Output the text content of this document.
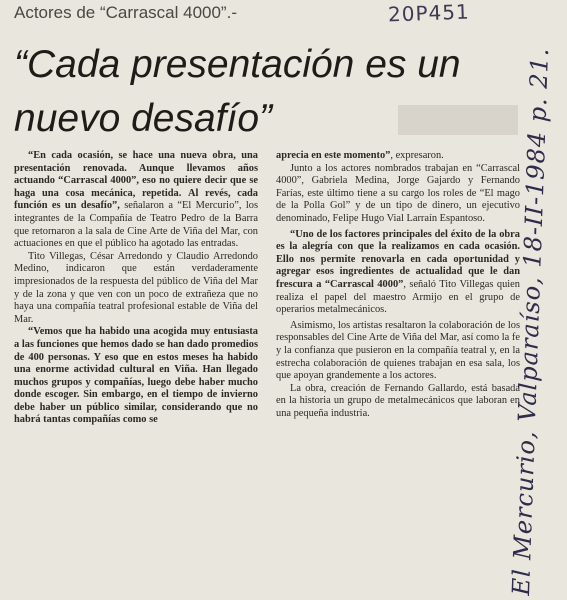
Actores de “Carrascal 4000”.-	20P451
“Cada presentación es un nuevo desafío”

“En cada ocasión, se hace una nueva obra, una presentación renovada. Aunque llevamos años actuando “Carrascal 4000”, eso no quiere decir que se haga una cosa mecánica, repetida. Al revés, cada función es un desafío”, señalaron a “El Mercurio”, los integrantes de la Compañía de Teatro Pedro de la Barra que retornaron a la sala de Cine Arte de Viña del Mar, con actuaciones en que el público ha agotado las entradas.

Tito Villegas, César Arredondo y Claudio Arredondo Medino, indicaron que están verdaderamente impresionados de la respuesta del público de Viña del Mar y de la zona y que ven con un poco de extrañeza que no haya una compañía teatral profesional estable de Viña del Mar.

“Vemos que ha habido una acogida muy entusiasta a las funciones que hemos dado se han dado promedios de 400 personas. Y eso que en estos meses ha habido una enorme actividad cultural en Viña. Han llegado muchos grupos y compañías, luego debe haber mucho donde escoger. Sin embargo, en el tiempo de invierno debe haber un público similar, considerando que no habrá tantas compañías como se

aprecia en este momento”, expresaron.

Junto a los actores nombrados trabajan en “Carrascal 4000”, Gabriela Medina, Jorge Gajardo y Fernando Farías, este último tiene a su cargo los roles de “El mago de la Polla Gol” y de un tipo de dinero, un ejecutivo denominado, Felipe Hugo Vial Larraín Espantoso.

“Uno de los factores principales del éxito de la obra es la alegría con que la realizamos en cada ocasión. Ello nos permite renovarla en cada oportunidad y agregar esos ingredientes de actualidad que le dan frescura a “Carrascal 4000”, señaló Tito Villegas quien realiza el papel del maestro Armijo en el grupo de operarios metalmecánicos.

Asimismo, los artistas resaltaron la colaboración de los responsables del Cine Arte de Viña del Mar, así como la fe y la confianza que pusieron en la compañía teatral y, en la estrecha colaboración de quienes trabajan en esa sala, los que apoyan grandemente a los actores.

La obra, creación de Fernando Gallardo, está basada en la historia un grupo de metalmecánicos que laboran en una pequeña industria.	El Mercurio, Valparaíso, 18-II-1984 p. 21.
